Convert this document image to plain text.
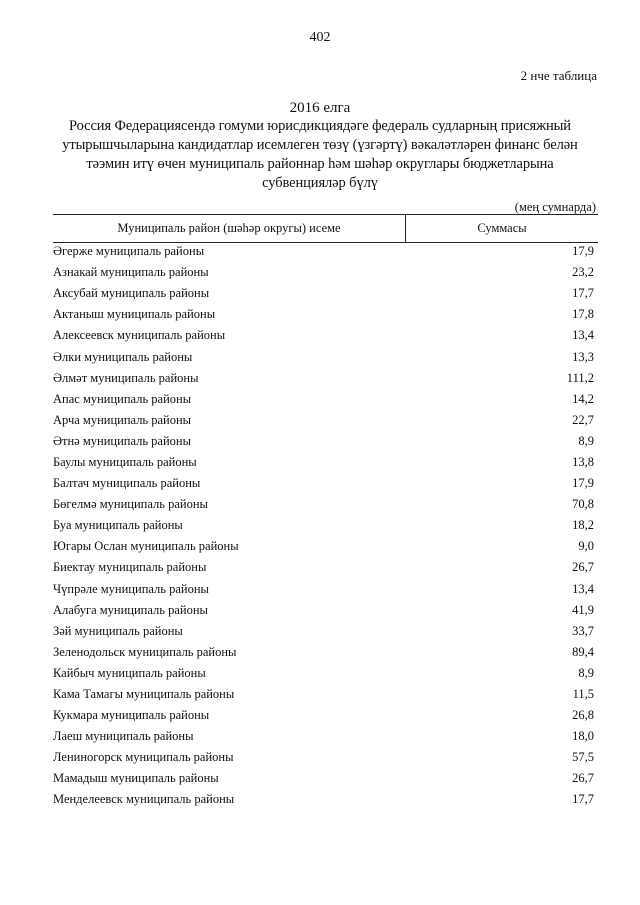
402
2 нче таблица
2016 елга
Россия Федерациясендә гомуми юрисдикциядәге федераль судларның присяжный
утырышчыларына кандидатлар исемлеген төзү (үзгәртү) вәкаләтләрен финанс белән
тәэмин итү өчен муниципаль районнар һәм шәһәр округлары бюджетларына
субвенцияләр бүлү
(мең сумнарда)
Муниципаль район (шәһәр округы) исеме	Суммасы
Әгерже муниципаль районы	17,9
Азнакай муниципаль районы	23,2
Аксубай муниципаль районы	17,7
Актаныш муниципаль районы	17,8
Алексеевск муниципаль районы	13,4
Әлки муниципаль районы	13,3
Әлмәт муниципаль районы	111,2
Апас муниципаль районы	14,2
Арча муниципаль районы	22,7
Әтнә муниципаль районы	8,9
Баулы муниципаль районы	13,8
Балтач муниципаль районы	17,9
Бөгелмә муниципаль районы	70,8
Буа муниципаль районы	18,2
Югары Ослан муниципаль районы	9,0
Биектау муниципаль районы	26,7
Чүпрәле муниципаль районы	13,4
Алабуга муниципаль районы	41,9
Зәй муниципаль районы	33,7
Зеленодольск муниципаль районы	89,4
Кайбыч муниципаль районы	8,9
Кама Тамагы муниципаль районы	11,5
Кукмара муниципаль районы	26,8
Лаеш муниципаль районы	18,0
Лениногорск муниципаль районы	57,5
Мамадыш муниципаль районы	26,7
Менделеевск муниципаль районы	17,7
